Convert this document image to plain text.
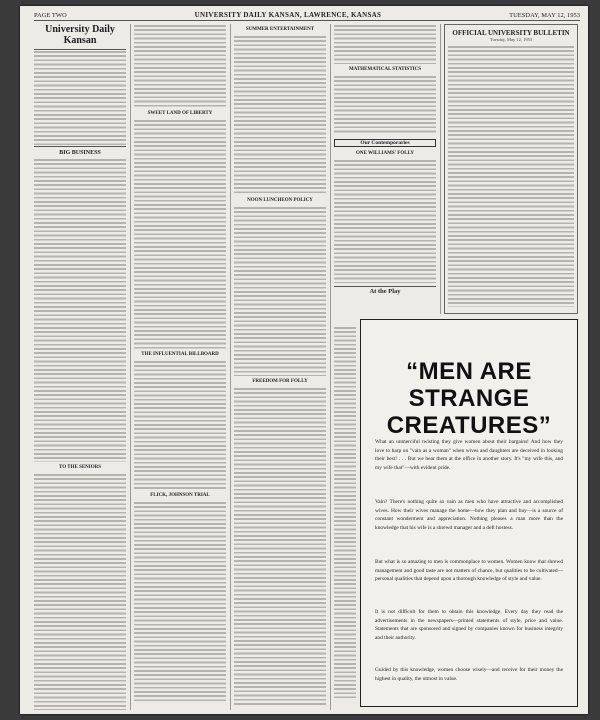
PAGE TWO	UNIVERSITY DAILY KANSAN, LAWRENCE, KANSAS	TUESDAY, MAY 12, 1953
University Daily Kansan
BIG BUSINESS
TO THE SENIORS
SWEET LAND OF LIBERTY
THE INFLUENTIAL BILLBOARD
FLICK, JOHNSON TRIAL
SUMMER ENTERTAINMENT
NOON LUNCHEON POLICY
FREEDOM FOR FOLLY
MATHEMATICAL STATISTICS
Our Contemporaries
ONE WILLIAMS' FOLLY
At the Play
OFFICIAL UNIVERSITY BULLETIN
Tuesday, May 12, 1953
“MEN ARE STRANGE CREATURES”
What an unmerciful twisting they give women about their bargains! And how they love to harp on "vain as a woman" when wives and daughters are deceived in looking their best! . . . But we hear them at the office in another story. It's "my wife this, and my wife that"—with evident pride.
Vain? There's nothing quite so vain as men who have attractive and accomplished wives. How their wives manage the home—how they plan and buy—is a source of constant wonderment and appreciation. Nothing pleases a man more than the knowledge that his wife is a shrewd manager and a deft hostess.
But what is so amazing to men is commonplace to women. Women know that shrewd management and good taste are not matters of chance, but qualities to be cultivated—personal qualities that depend upon a thorough knowledge of style and value.
It is not difficult for them to obtain this knowledge. Every day they read the advertisements in the newspapers—printed statements of style, price and value. Statements that are sponsored and signed by companies known for business integrity and their authority.
Guided by this knowledge, women choose wisely—and receive for their money the highest in quality, the utmost in value.
